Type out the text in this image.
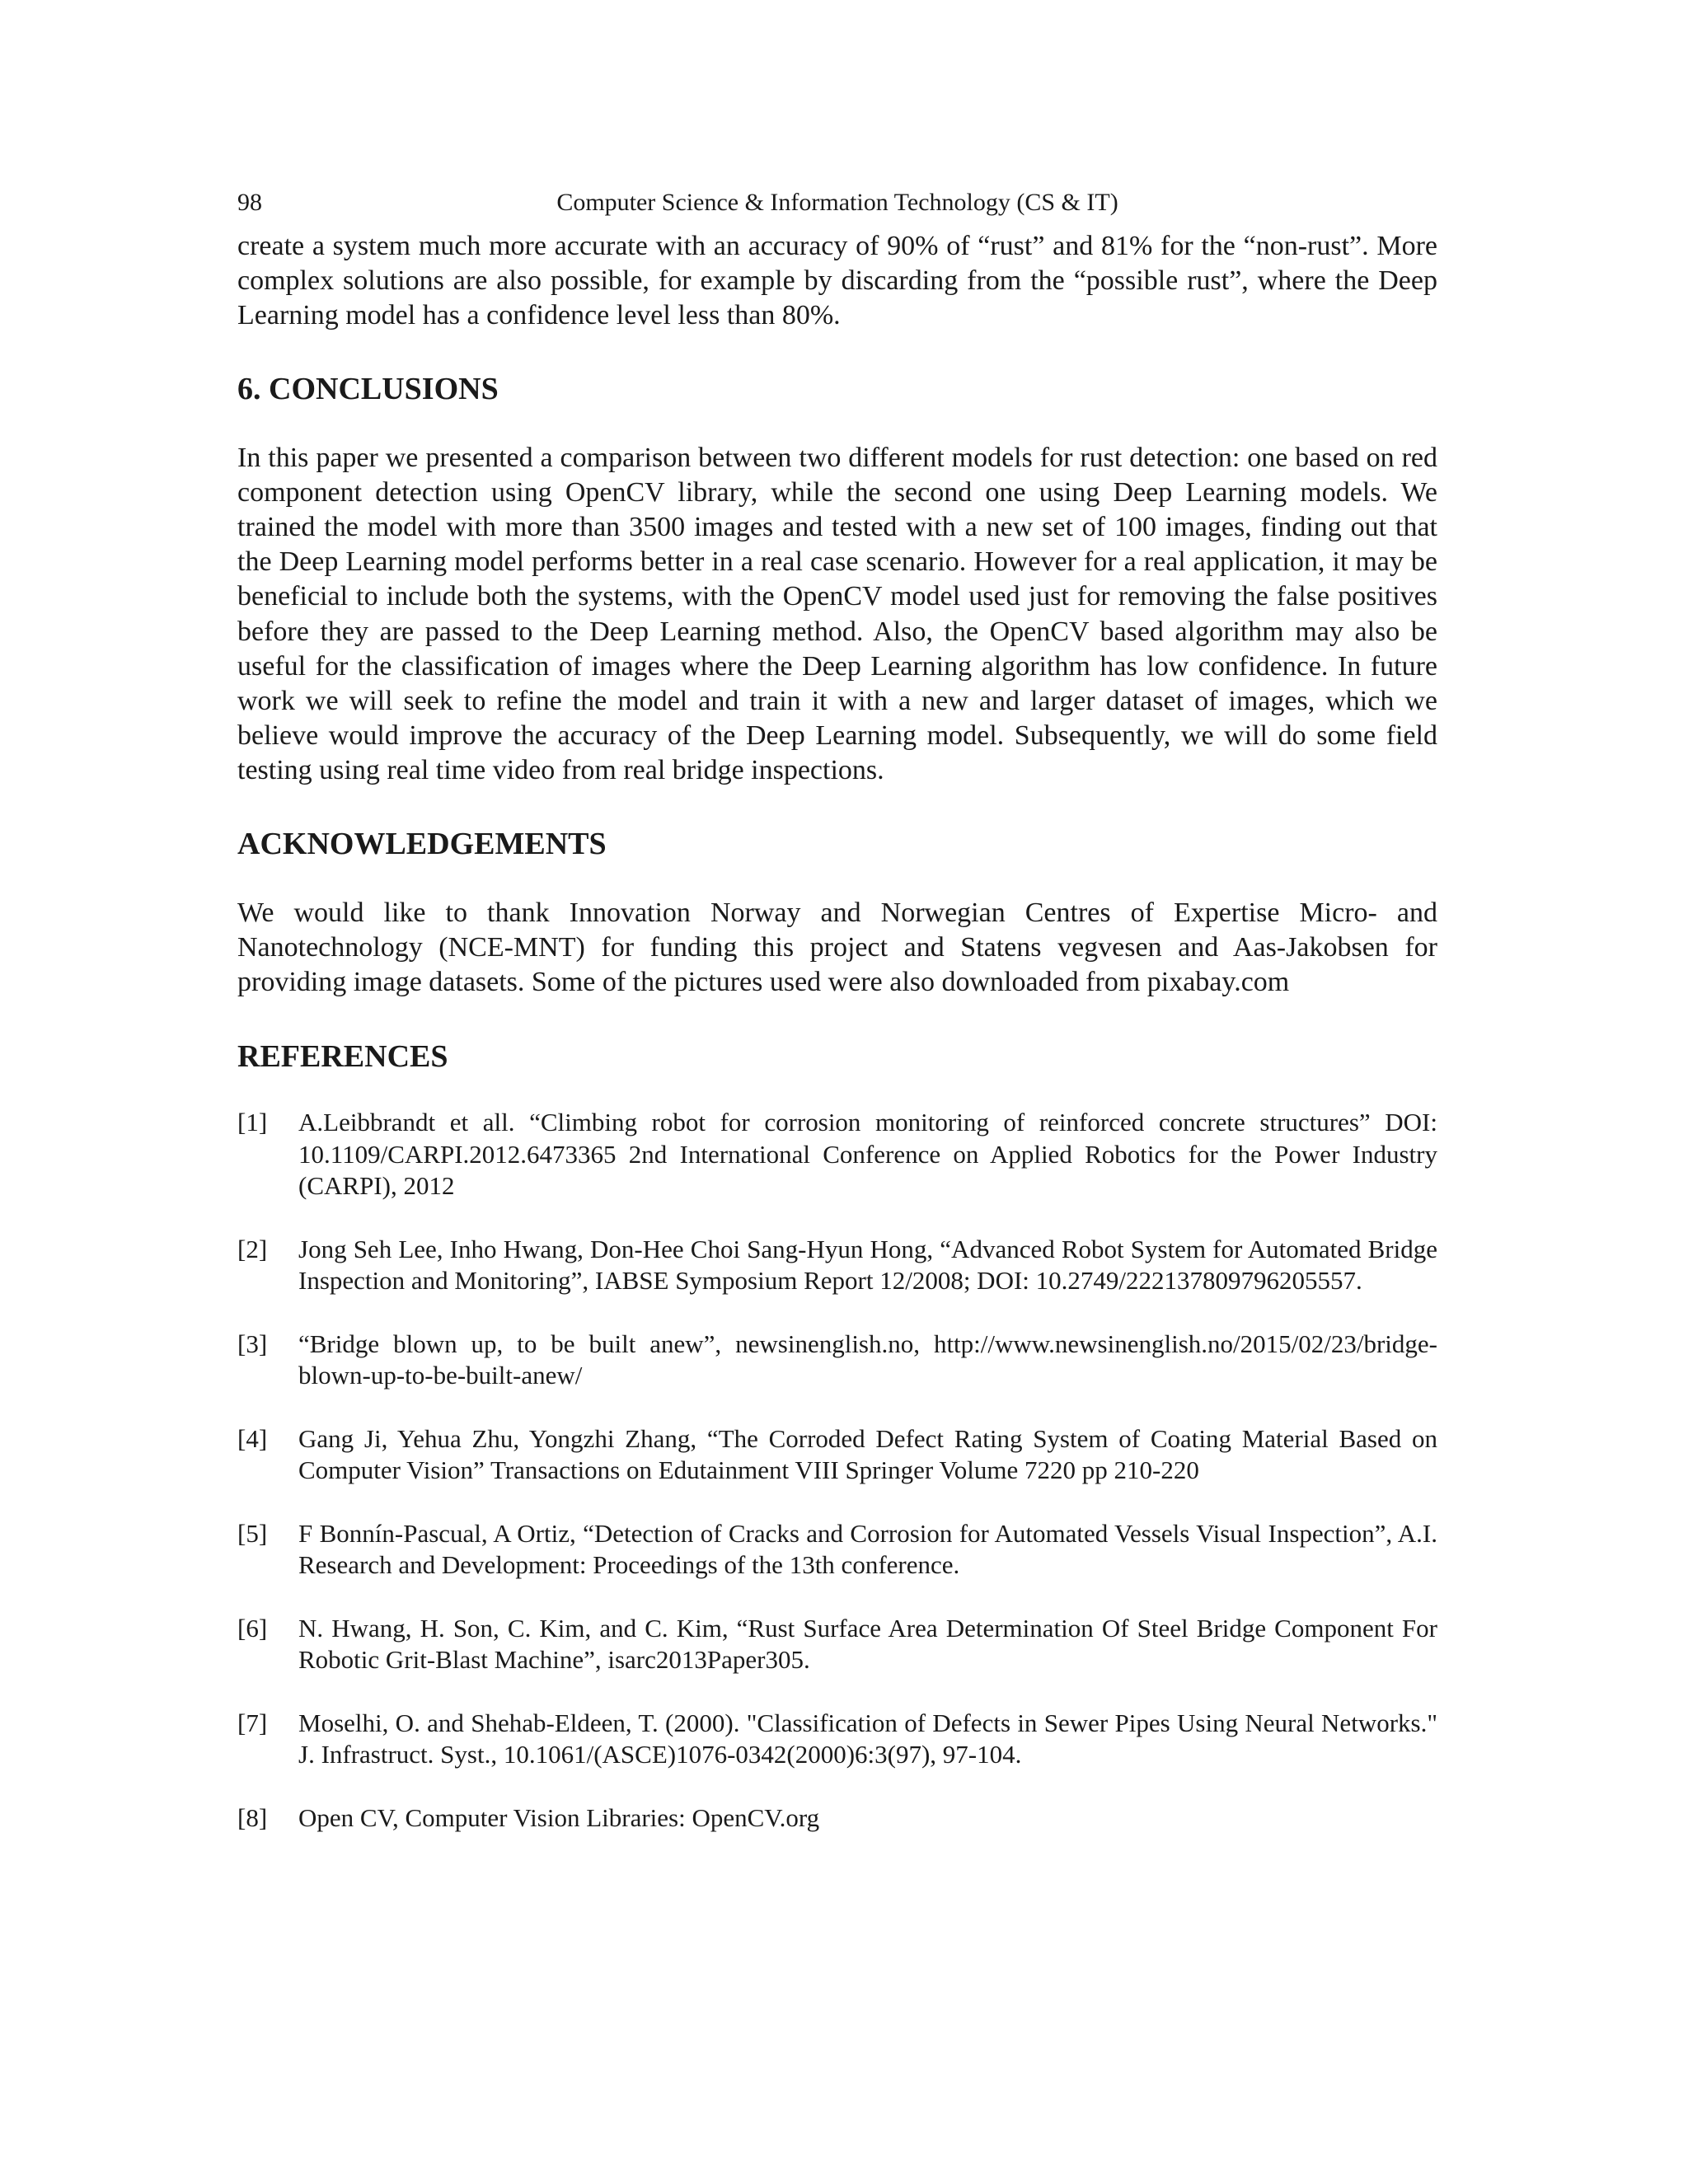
98	Computer Science & Information Technology (CS & IT)

create a system much more accurate with an accuracy of 90% of “rust” and 81% for the “non-rust”. More complex solutions are also possible, for example by discarding from the “possible rust”, where the Deep Learning model has a confidence level less than 80%.

6. CONCLUSIONS

In this paper we presented a comparison between two different models for rust detection: one based on red component detection using OpenCV library, while the second one using Deep Learning models. We trained the model with more than 3500 images and tested with a new set of 100 images, finding out that the Deep Learning model performs better in a real case scenario. However for a real application, it may be beneficial to include both the systems, with the OpenCV model used just for removing the false positives before they are passed to the Deep Learning method. Also, the OpenCV based algorithm may also be useful for the classification of images where the Deep Learning algorithm has low confidence. In future work we will seek to refine the model and train it with a new and larger dataset of images, which we believe would improve the accuracy of the Deep Learning model. Subsequently, we will do some field testing using real time video from real bridge inspections.

ACKNOWLEDGEMENTS

We would like to thank Innovation Norway and Norwegian Centres of Expertise Micro- and Nanotechnology (NCE-MNT) for funding this project and Statens vegvesen and Aas-Jakobsen for providing image datasets. Some of the pictures used were also downloaded from pixabay.com

REFERENCES
[1] A.Leibbrandt et all. “Climbing robot for corrosion monitoring of reinforced concrete structures” DOI: 10.1109/CARPI.2012.6473365 2nd International Conference on Applied Robotics for the Power Industry (CARPI), 2012
[2] Jong Seh Lee, Inho Hwang, Don-Hee Choi Sang-Hyun Hong, “Advanced Robot System for Automated Bridge Inspection and Monitoring”, IABSE Symposium Report 12/2008; DOI: 10.2749/222137809796205557.
[3] “Bridge blown up, to be built anew”, newsinenglish.no, http://www.newsinenglish.no/2015/02/23/bridge-blown-up-to-be-built-anew/
[4] Gang Ji, Yehua Zhu, Yongzhi Zhang, “The Corroded Defect Rating System of Coating Material Based on Computer Vision” Transactions on Edutainment VIII Springer Volume 7220 pp 210-220
[5] F Bonnín-Pascual, A Ortiz, “Detection of Cracks and Corrosion for Automated Vessels Visual Inspection”, A.I. Research and Development: Proceedings of the 13th conference.
[6] N. Hwang, H. Son, C. Kim, and C. Kim, “Rust Surface Area Determination Of Steel Bridge Component For Robotic Grit-Blast Machine”, isarc2013Paper305.
[7] Moselhi, O. and Shehab-Eldeen, T. (2000). "Classification of Defects in Sewer Pipes Using Neural Networks." J. Infrastruct. Syst., 10.1061/(ASCE)1076-0342(2000)6:3(97), 97-104.
[8] Open CV, Computer Vision Libraries: OpenCV.org
